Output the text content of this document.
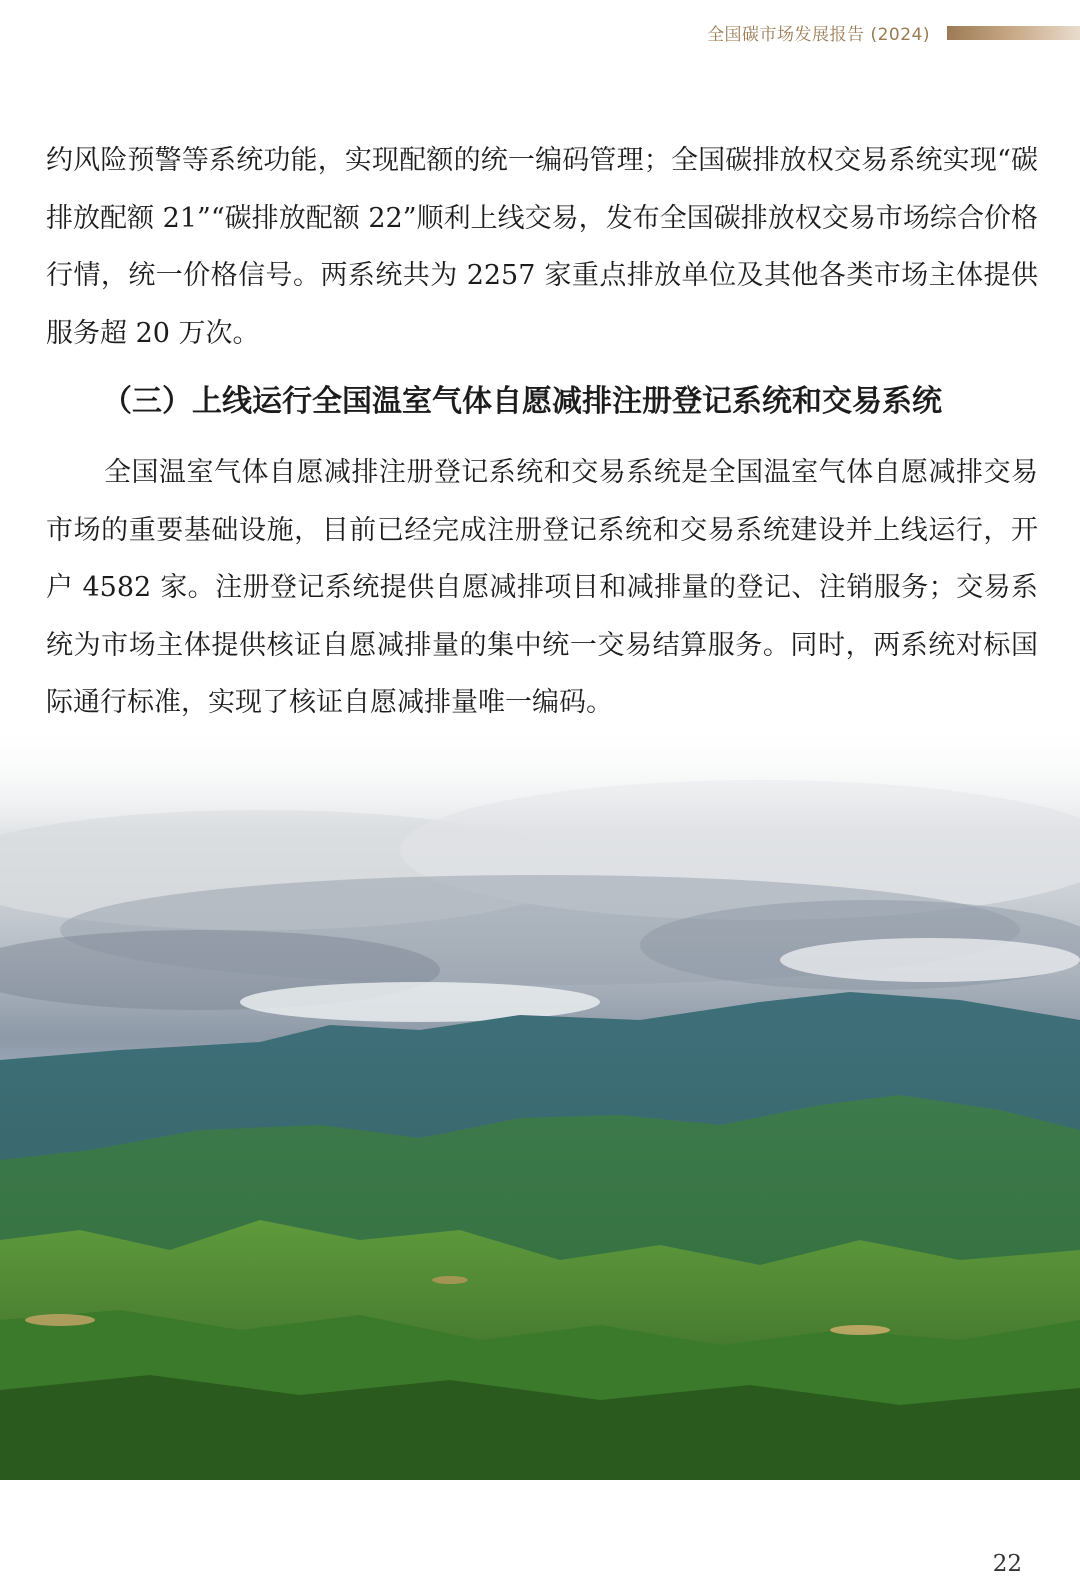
全国碳市场发展报告 (2024)

约风险预警等系统功能，实现配额的统一编码管理；全国碳排放权交易系统实现“碳排放配额 21”“碳排放配额 22”顺利上线交易，发布全国碳排放权交易市场综合价格行情，统一价格信号。两系统共为 2257 家重点排放单位及其他各类市场主体提供服务超 20 万次。

（三）上线运行全国温室气体自愿减排注册登记系统和交易系统

全国温室气体自愿减排注册登记系统和交易系统是全国温室气体自愿减排交易市场的重要基础设施，目前已经完成注册登记系统和交易系统建设并上线运行，开户 4582 家。注册登记系统提供自愿减排项目和减排量的登记、注销服务；交易系统为市场主体提供核证自愿减排量的集中统一交易结算服务。同时，两系统对标国际通行标准，实现了核证自愿减排量唯一编码。

22
